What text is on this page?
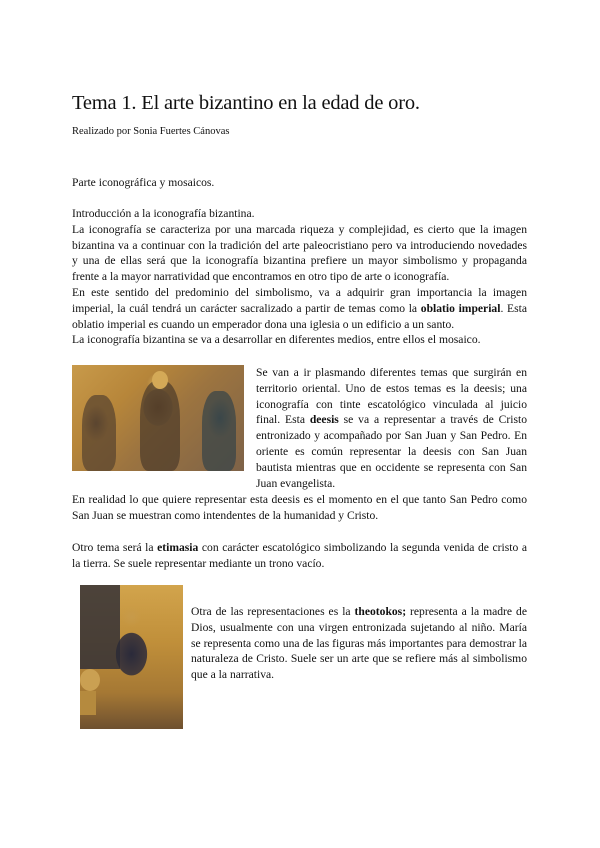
Tema 1. El arte bizantino en la edad de oro.
Realizado por Sonia Fuertes Cánovas

Parte iconográfica y mosaicos.

Introducción a la iconografía bizantina.

La iconografía se caracteriza por una marcada riqueza y complejidad, es cierto que la imagen bizantina va a continuar con la tradición del arte paleocristiano pero va introduciendo novedades y una de ellas será que la iconografía bizantina prefiere un mayor simbolismo y propaganda frente a la mayor narratividad que encontramos en otro tipo de arte o iconografía.

En este sentido del predominio del simbolismo, va a adquirir gran importancia la imagen imperial, la cuál tendrá un carácter sacralizado a partir de temas como la oblatio imperial. Esta oblatio imperial es cuando un emperador dona una iglesia o un edificio a un santo.

La iconografía bizantina se va a desarrollar en diferentes medios, entre ellos el mosaico.

Se van a ir plasmando diferentes temas que surgirán en territorio oriental. Uno de estos temas es la deesis; una iconografía con tinte escatológico vinculada al juicio final. Esta deesis se va a representar a través de Cristo entronizado y acompañado por San Juan y San Pedro. En oriente es común representar la deesis con San Juan bautista mientras que en occidente se representa con San Juan evangelista.

En realidad lo que quiere representar esta deesis es el momento en el que tanto San Pedro como San Juan se muestran como intendentes de la humanidad y Cristo.

Otro tema será la etimasia con carácter escatológico simbolizando la segunda venida de cristo a la tierra. Se suele representar mediante un trono vacío.

Otra de las representaciones es la theotokos; representa a la madre de Dios, usualmente con una virgen entronizada sujetando al niño. María se representa como una de las figuras más importantes para demostrar la naturaleza de Cristo. Suele ser un arte que se refiere más al simbolismo que a la narrativa.
